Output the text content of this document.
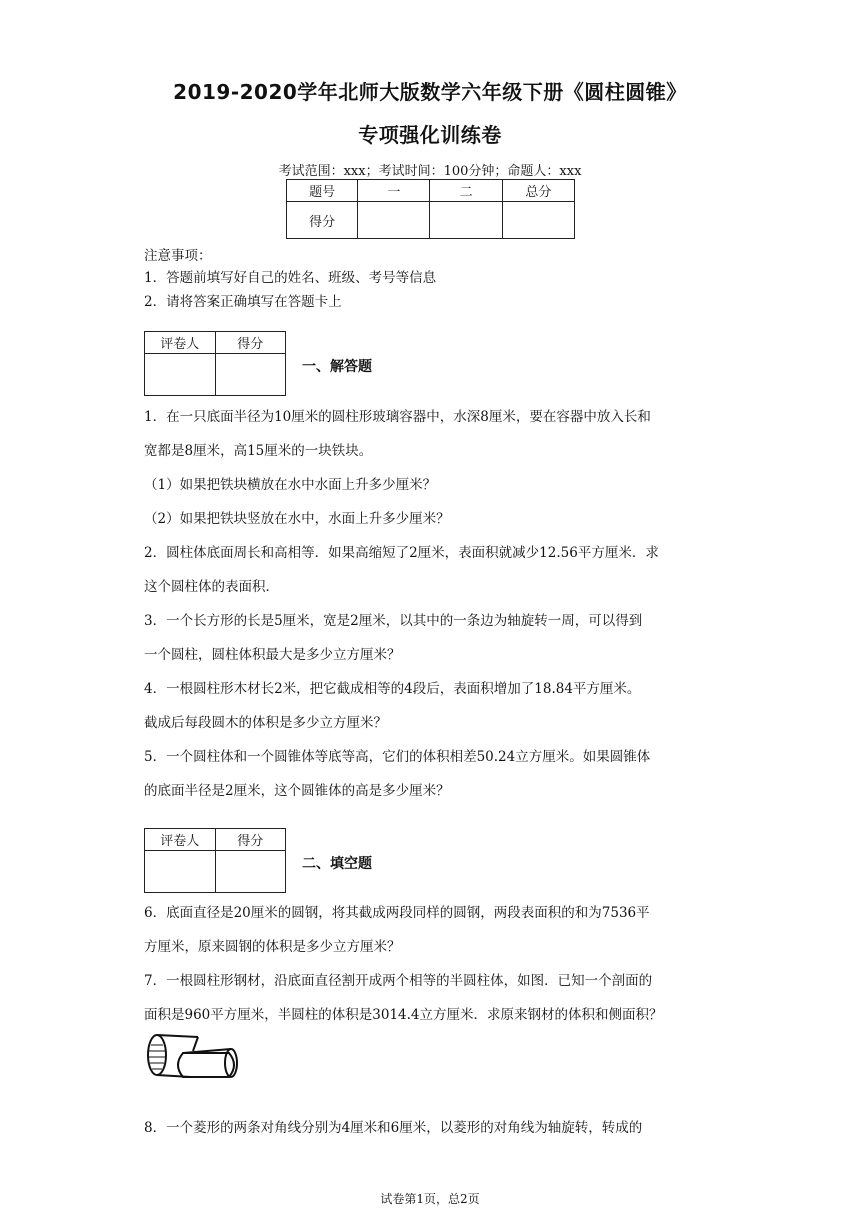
2019-2020学年北师大版数学六年级下册《圆柱圆锥》
专项强化训练卷
考试范围：xxx；考试时间：100分钟；命题人：xxx
题号	一	二	总分
得分			
注意事项：
1．答题前填写好自己的姓名、班级、考号等信息
2．请将答案正确填写在答题卡上
评卷人	得分

一、解答题
1．在一只底面半径为10厘米的圆柱形玻璃容器中，水深8厘米，要在容器中放入长和
宽都是8厘米，高15厘米的一块铁块。
（1）如果把铁块横放在水中水面上升多少厘米？
（2）如果把铁块竖放在水中，水面上升多少厘米？
2．圆柱体底面周长和高相等．如果高缩短了2厘米，表面积就减少12.56平方厘米．求
这个圆柱体的表面积．
3．一个长方形的长是5厘米，宽是2厘米，以其中的一条边为轴旋转一周，可以得到
一个圆柱，圆柱体积最大是多少立方厘米？
4．一根圆柱形木材长2米，把它截成相等的4段后，表面积增加了18.84平方厘米。
截成后每段圆木的体积是多少立方厘米？
5．一个圆柱体和一个圆锥体等底等高，它们的体积相差50.24立方厘米。如果圆锥体
的底面半径是2厘米，这个圆锥体的高是多少厘米？
评卷人	得分

二、填空题
6．底面直径是20厘米的圆钢，将其截成两段同样的圆钢，两段表面积的和为7536平
方厘米，原来圆钢的体积是多少立方厘米？
7．一根圆柱形钢材，沿底面直径割开成两个相等的半圆柱体，如图．已知一个剖面的
面积是960平方厘米，半圆柱的体积是3014.4立方厘米．求原来钢材的体积和侧面积？
8．一个菱形的两条对角线分别为4厘米和6厘米，以菱形的对角线为轴旋转，转成的
试卷第1页，总2页
